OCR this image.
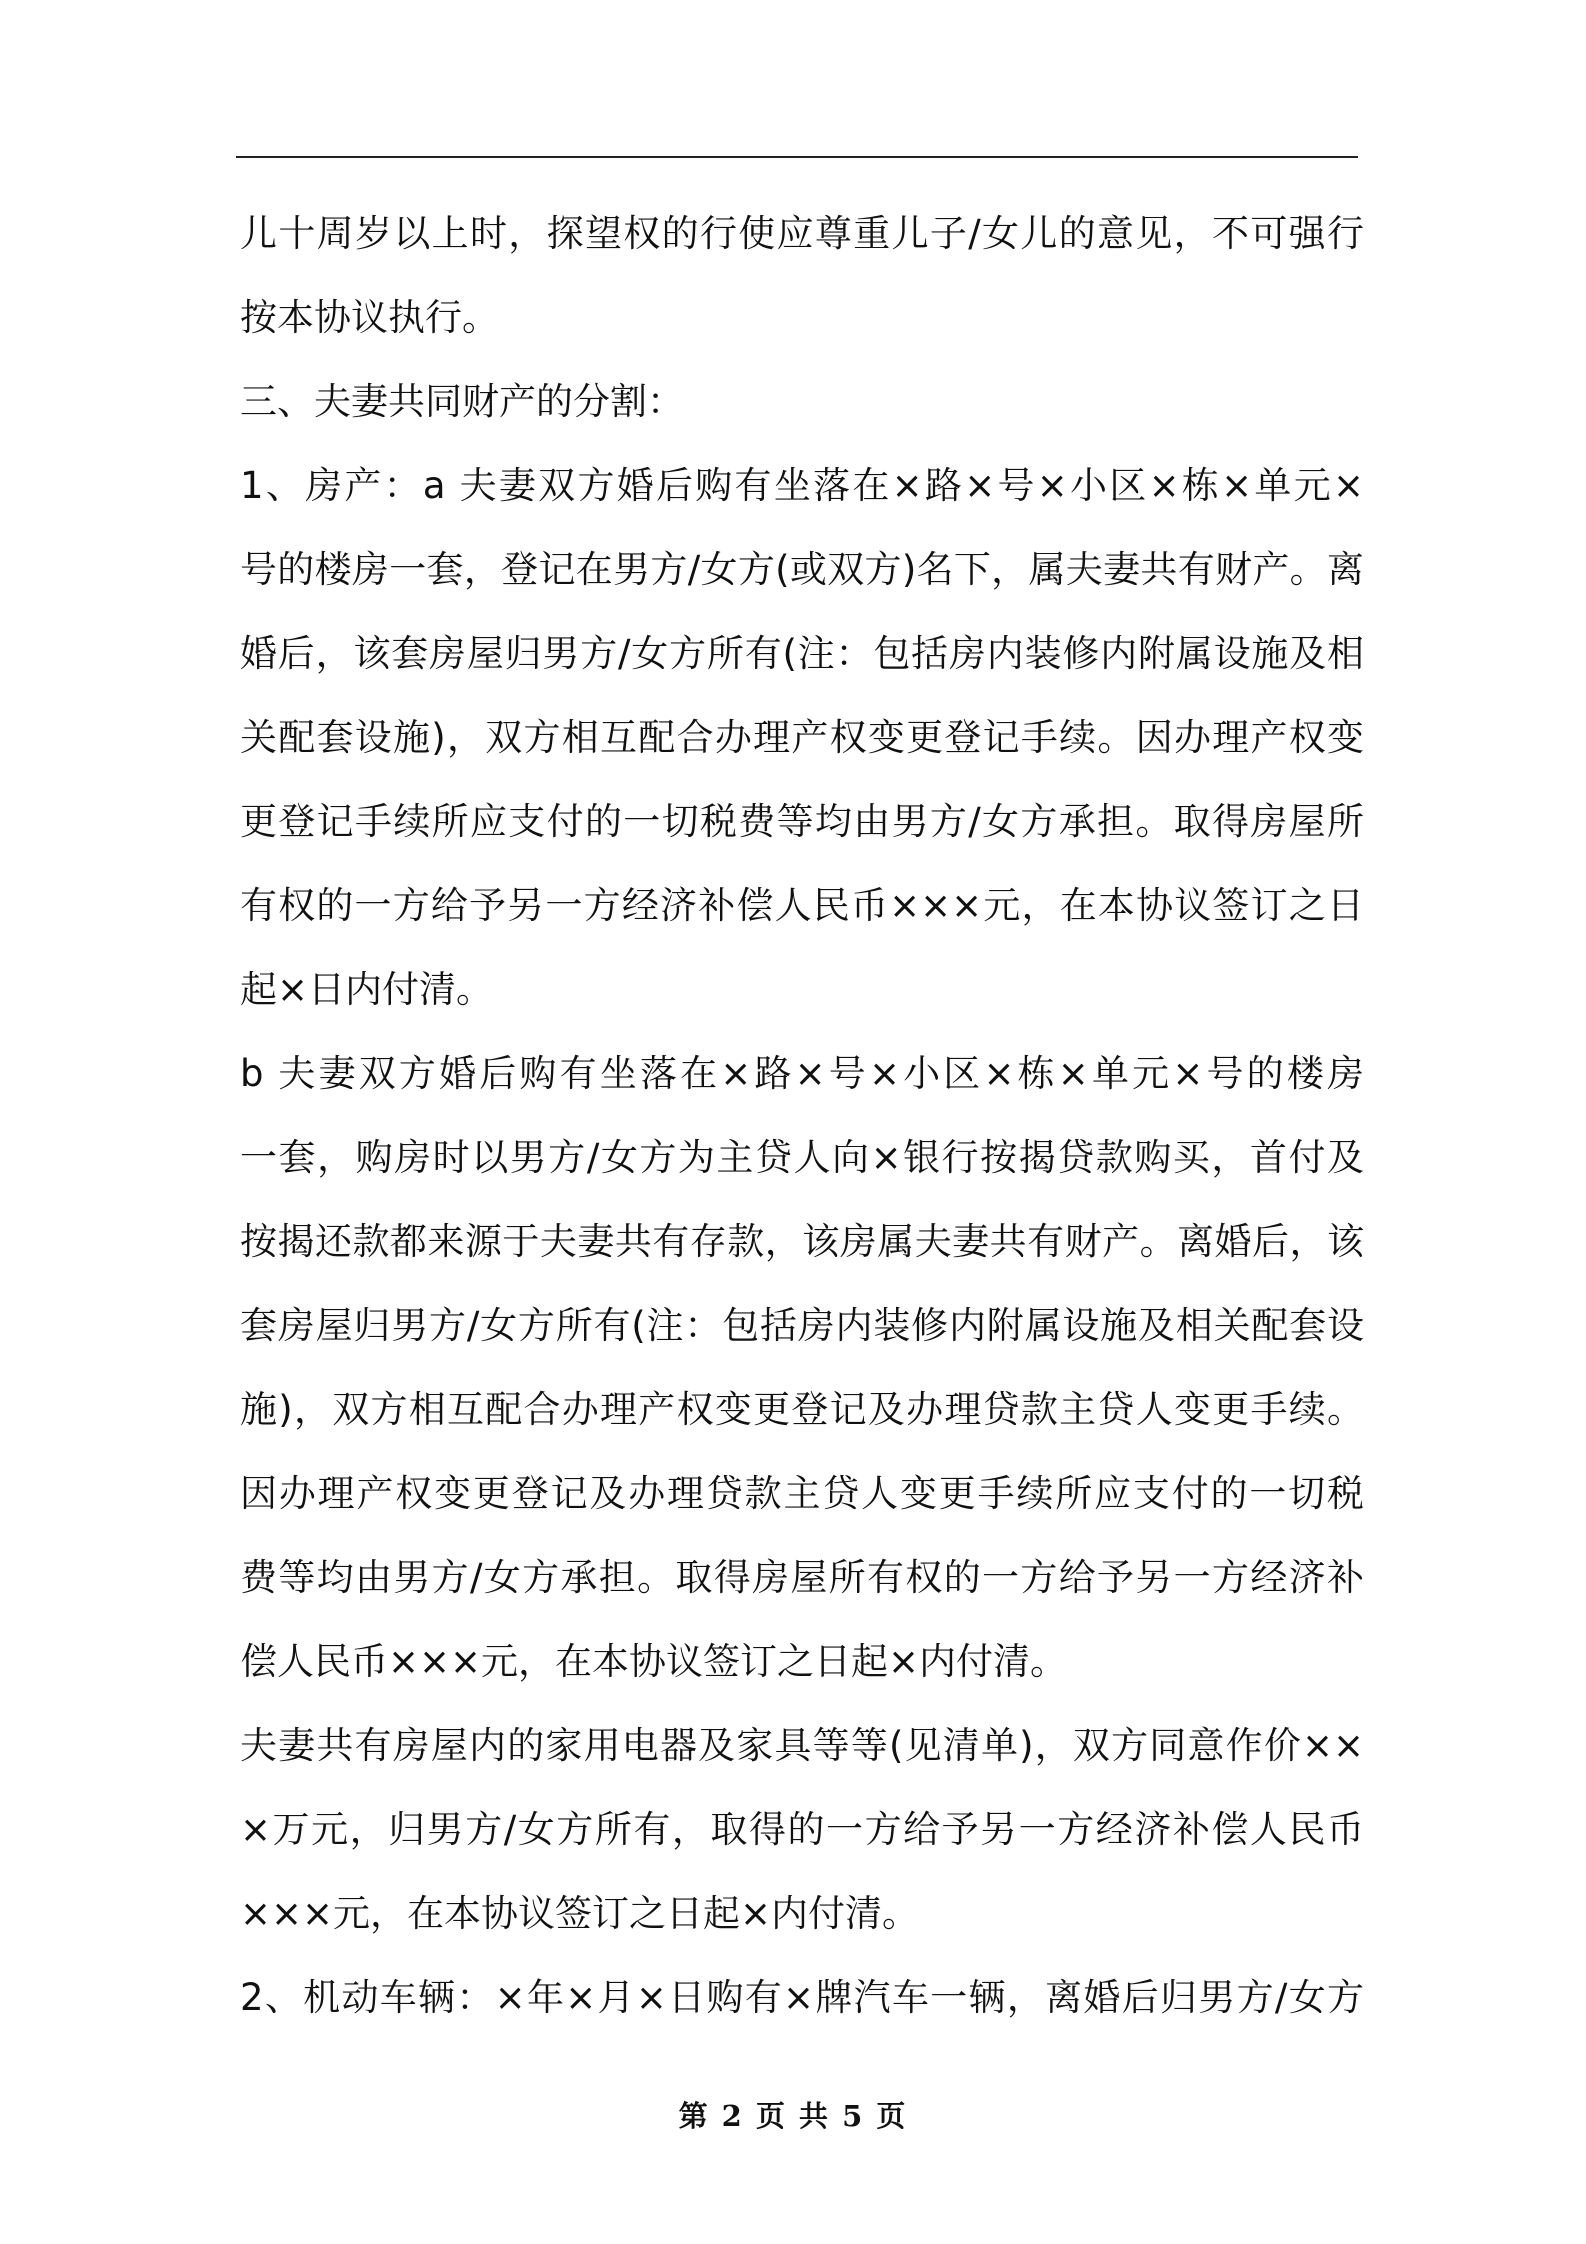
儿十周岁以上时，探望权的行使应尊重儿子/女儿的意见，不可强行
按本协议执行。
三、夫妻共同财产的分割：
1、房产：a 夫妻双方婚后购有坐落在×路×号×小区×栋×单元×
号的楼房一套，登记在男方/女方(或双方)名下，属夫妻共有财产。离
婚后，该套房屋归男方/女方所有(注：包括房内装修内附属设施及相
关配套设施)，双方相互配合办理产权变更登记手续。因办理产权变
更登记手续所应支付的一切税费等均由男方/女方承担。取得房屋所
有权的一方给予另一方经济补偿人民币×××元，在本协议签订之日
起×日内付清。
b 夫妻双方婚后购有坐落在×路×号×小区×栋×单元×号的楼房
一套，购房时以男方/女方为主贷人向×银行按揭贷款购买，首付及
按揭还款都来源于夫妻共有存款，该房属夫妻共有财产。离婚后，该
套房屋归男方/女方所有(注：包括房内装修内附属设施及相关配套设
施)，双方相互配合办理产权变更登记及办理贷款主贷人变更手续。
因办理产权变更登记及办理贷款主贷人变更手续所应支付的一切税
费等均由男方/女方承担。取得房屋所有权的一方给予另一方经济补
偿人民币×××元，在本协议签订之日起×内付清。
夫妻共有房屋内的家用电器及家具等等(见清单)，双方同意作价××
×万元，归男方/女方所有，取得的一方给予另一方经济补偿人民币
×××元，在本协议签订之日起×内付清。
2、机动车辆：×年×月×日购有×牌汽车一辆，离婚后归男方/女方
第 2 页 共 5 页
